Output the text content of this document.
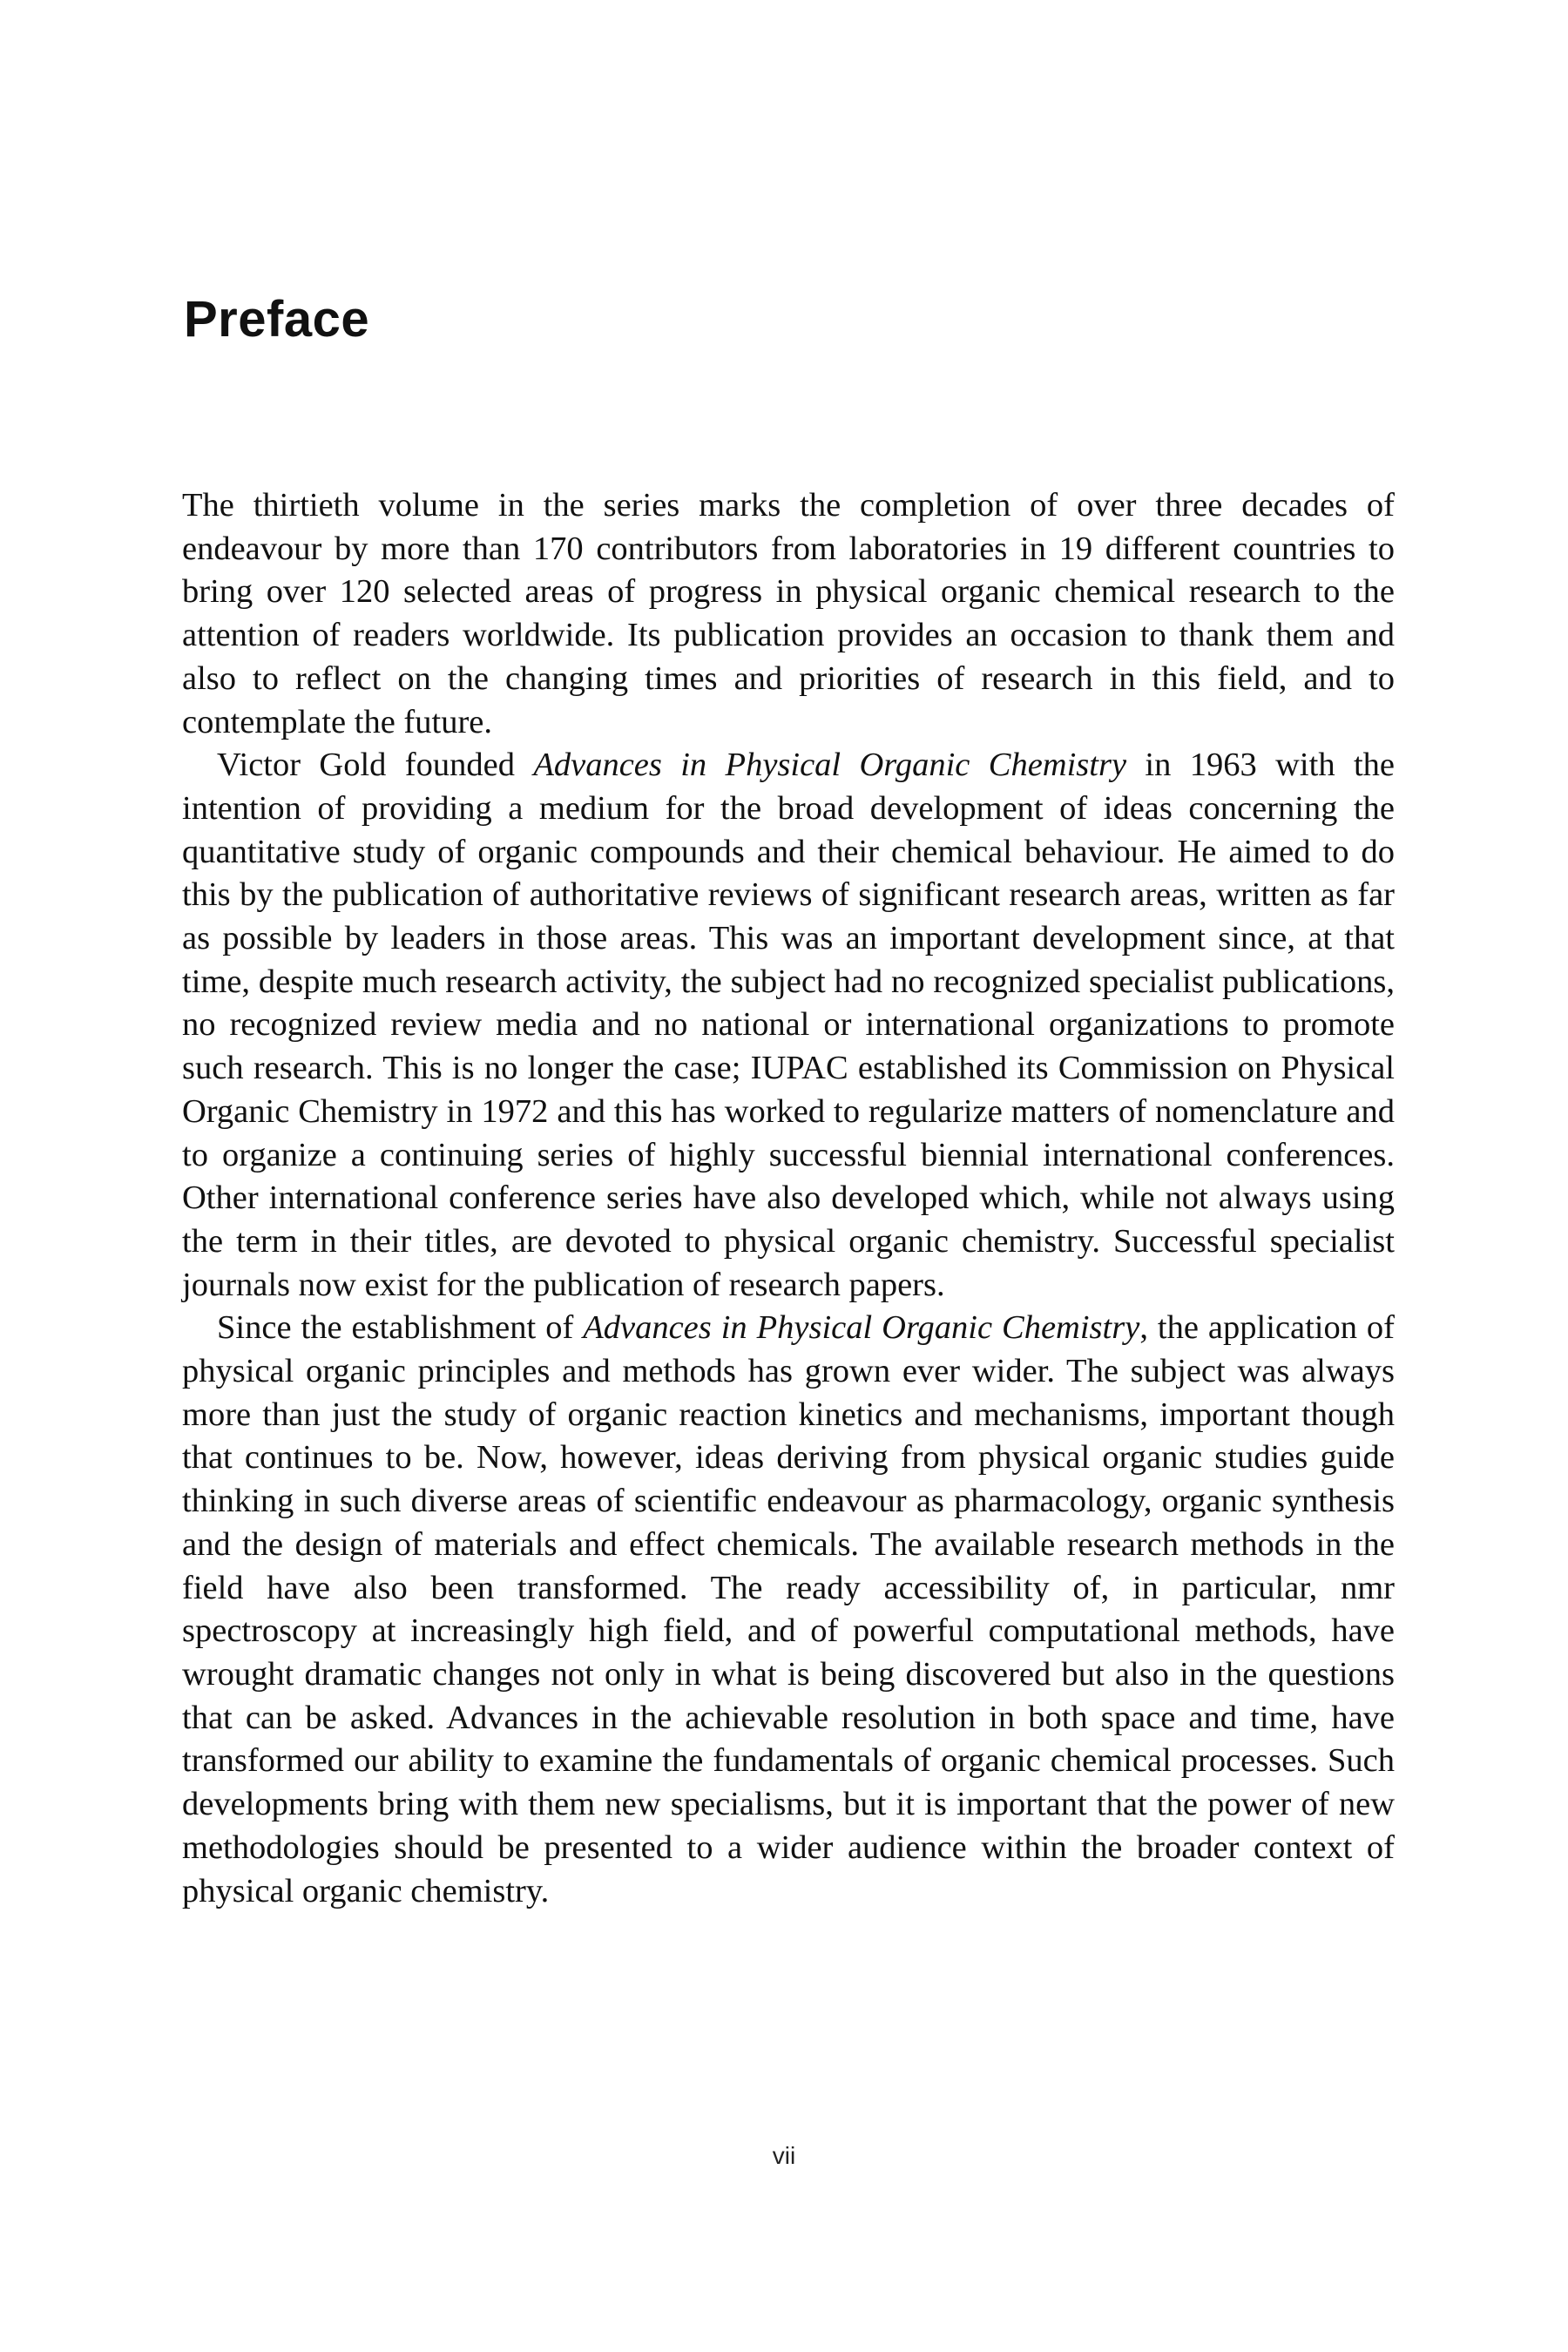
Preface

The thirtieth volume in the series marks the completion of over three decades of endeavour by more than 170 contributors from laboratories in 19 different countries to bring over 120 selected areas of progress in physical organic chemical research to the attention of readers worldwide. Its publication provides an occasion to thank them and also to reflect on the changing times and priorities of research in this field, and to contemplate the future.

Victor Gold founded Advances in Physical Organic Chemistry in 1963 with the intention of providing a medium for the broad development of ideas concerning the quantitative study of organic compounds and their chemical behaviour. He aimed to do this by the publication of authoritative reviews of significant research areas, written as far as possible by leaders in those areas. This was an important development since, at that time, despite much research activity, the subject had no recognized specialist publications, no recognized review media and no national or international organizations to promote such research. This is no longer the case; IUPAC established its Commission on Physical Organic Chemistry in 1972 and this has worked to regularize matters of nomenclature and to organize a continuing series of highly successful biennial international conferences. Other international conference series have also developed which, while not always using the term in their titles, are devoted to physical organic chemistry. Successful specialist journals now exist for the publication of research papers.

Since the establishment of Advances in Physical Organic Chemistry, the application of physical organic principles and methods has grown ever wider. The subject was always more than just the study of organic reaction kinetics and mechanisms, important though that continues to be. Now, however, ideas deriving from physical organic studies guide thinking in such diverse areas of scientific endeavour as pharmacology, organic synthesis and the design of materials and effect chemicals. The available research methods in the field have also been transformed. The ready accessibility of, in particular, nmr spectroscopy at increasingly high field, and of powerful computational methods, have wrought dramatic changes not only in what is being discovered but also in the questions that can be asked. Advances in the achievable resolution in both space and time, have transformed our ability to examine the fundamentals of organic chemical processes. Such developments bring with them new specialisms, but it is important that the power of new methodologies should be presented to a wider audience within the broader context of physical organic chemistry.

vii
